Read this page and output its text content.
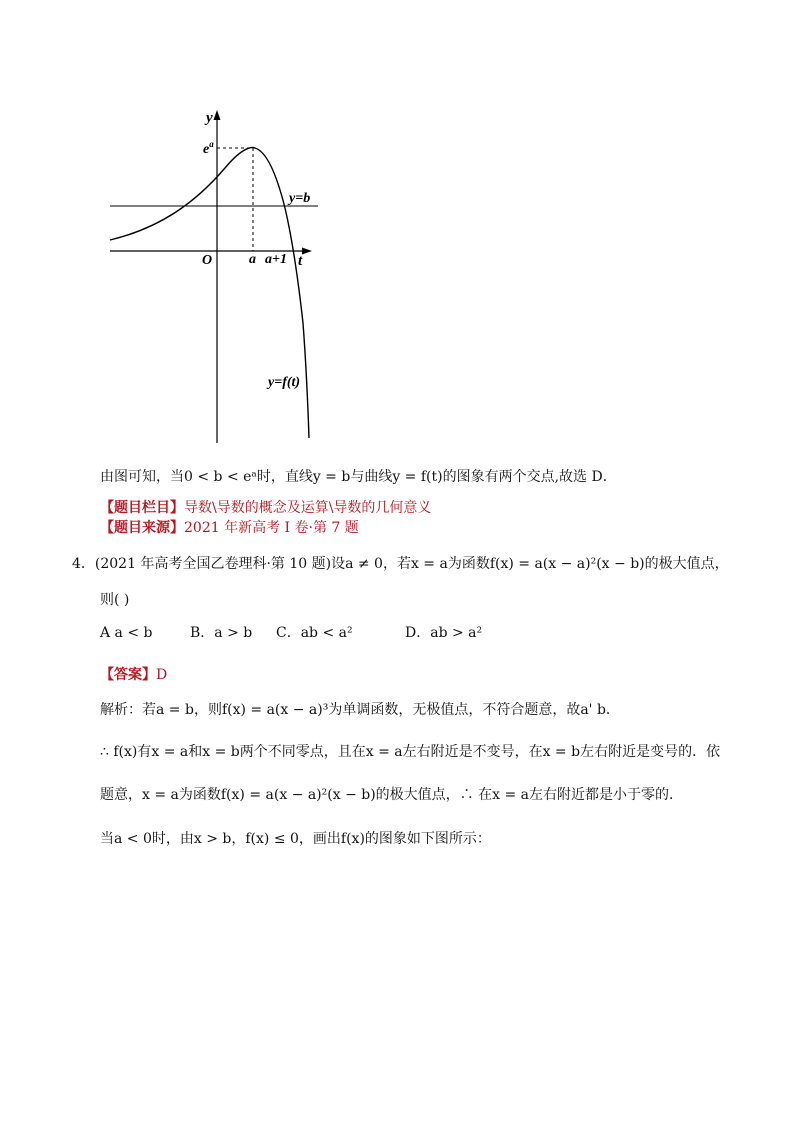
y
t
y=b
$e^a$
O	a a+1
y=f(t)
由图可知，当0 < b < eᵃ时，直线y = b与曲线y = f(t)的图象有两个交点,故选 D．
【题目栏目】导数\导数的概念及运算\导数的几何意义
【题目来源】2021 年新高考 I 卷·第 7 题
4．(2021 年高考全国乙卷理科·第 10 题)设a ≠ 0，若x = a为函数f(x) = a(x − a)²(x − b)的极大值点，
则( )
A a < b	B．a > b C．ab < a²	D．ab > a²
【答案】D
解析：若a = b，则f(x) = a(x − a)³为单调函数，无极值点，不符合题意，故a' b．
∴ f(x)有x = a和x = b两个不同零点，且在x = a左右附近是不变号，在x = b左右附近是变号的．依
题意，x = a为函数f(x) = a(x − a)²(x − b)的极大值点，∴ 在x = a左右附近都是小于零的．
当a < 0时，由x > b，f(x) ≤ 0，画出f(x)的图象如下图所示：
